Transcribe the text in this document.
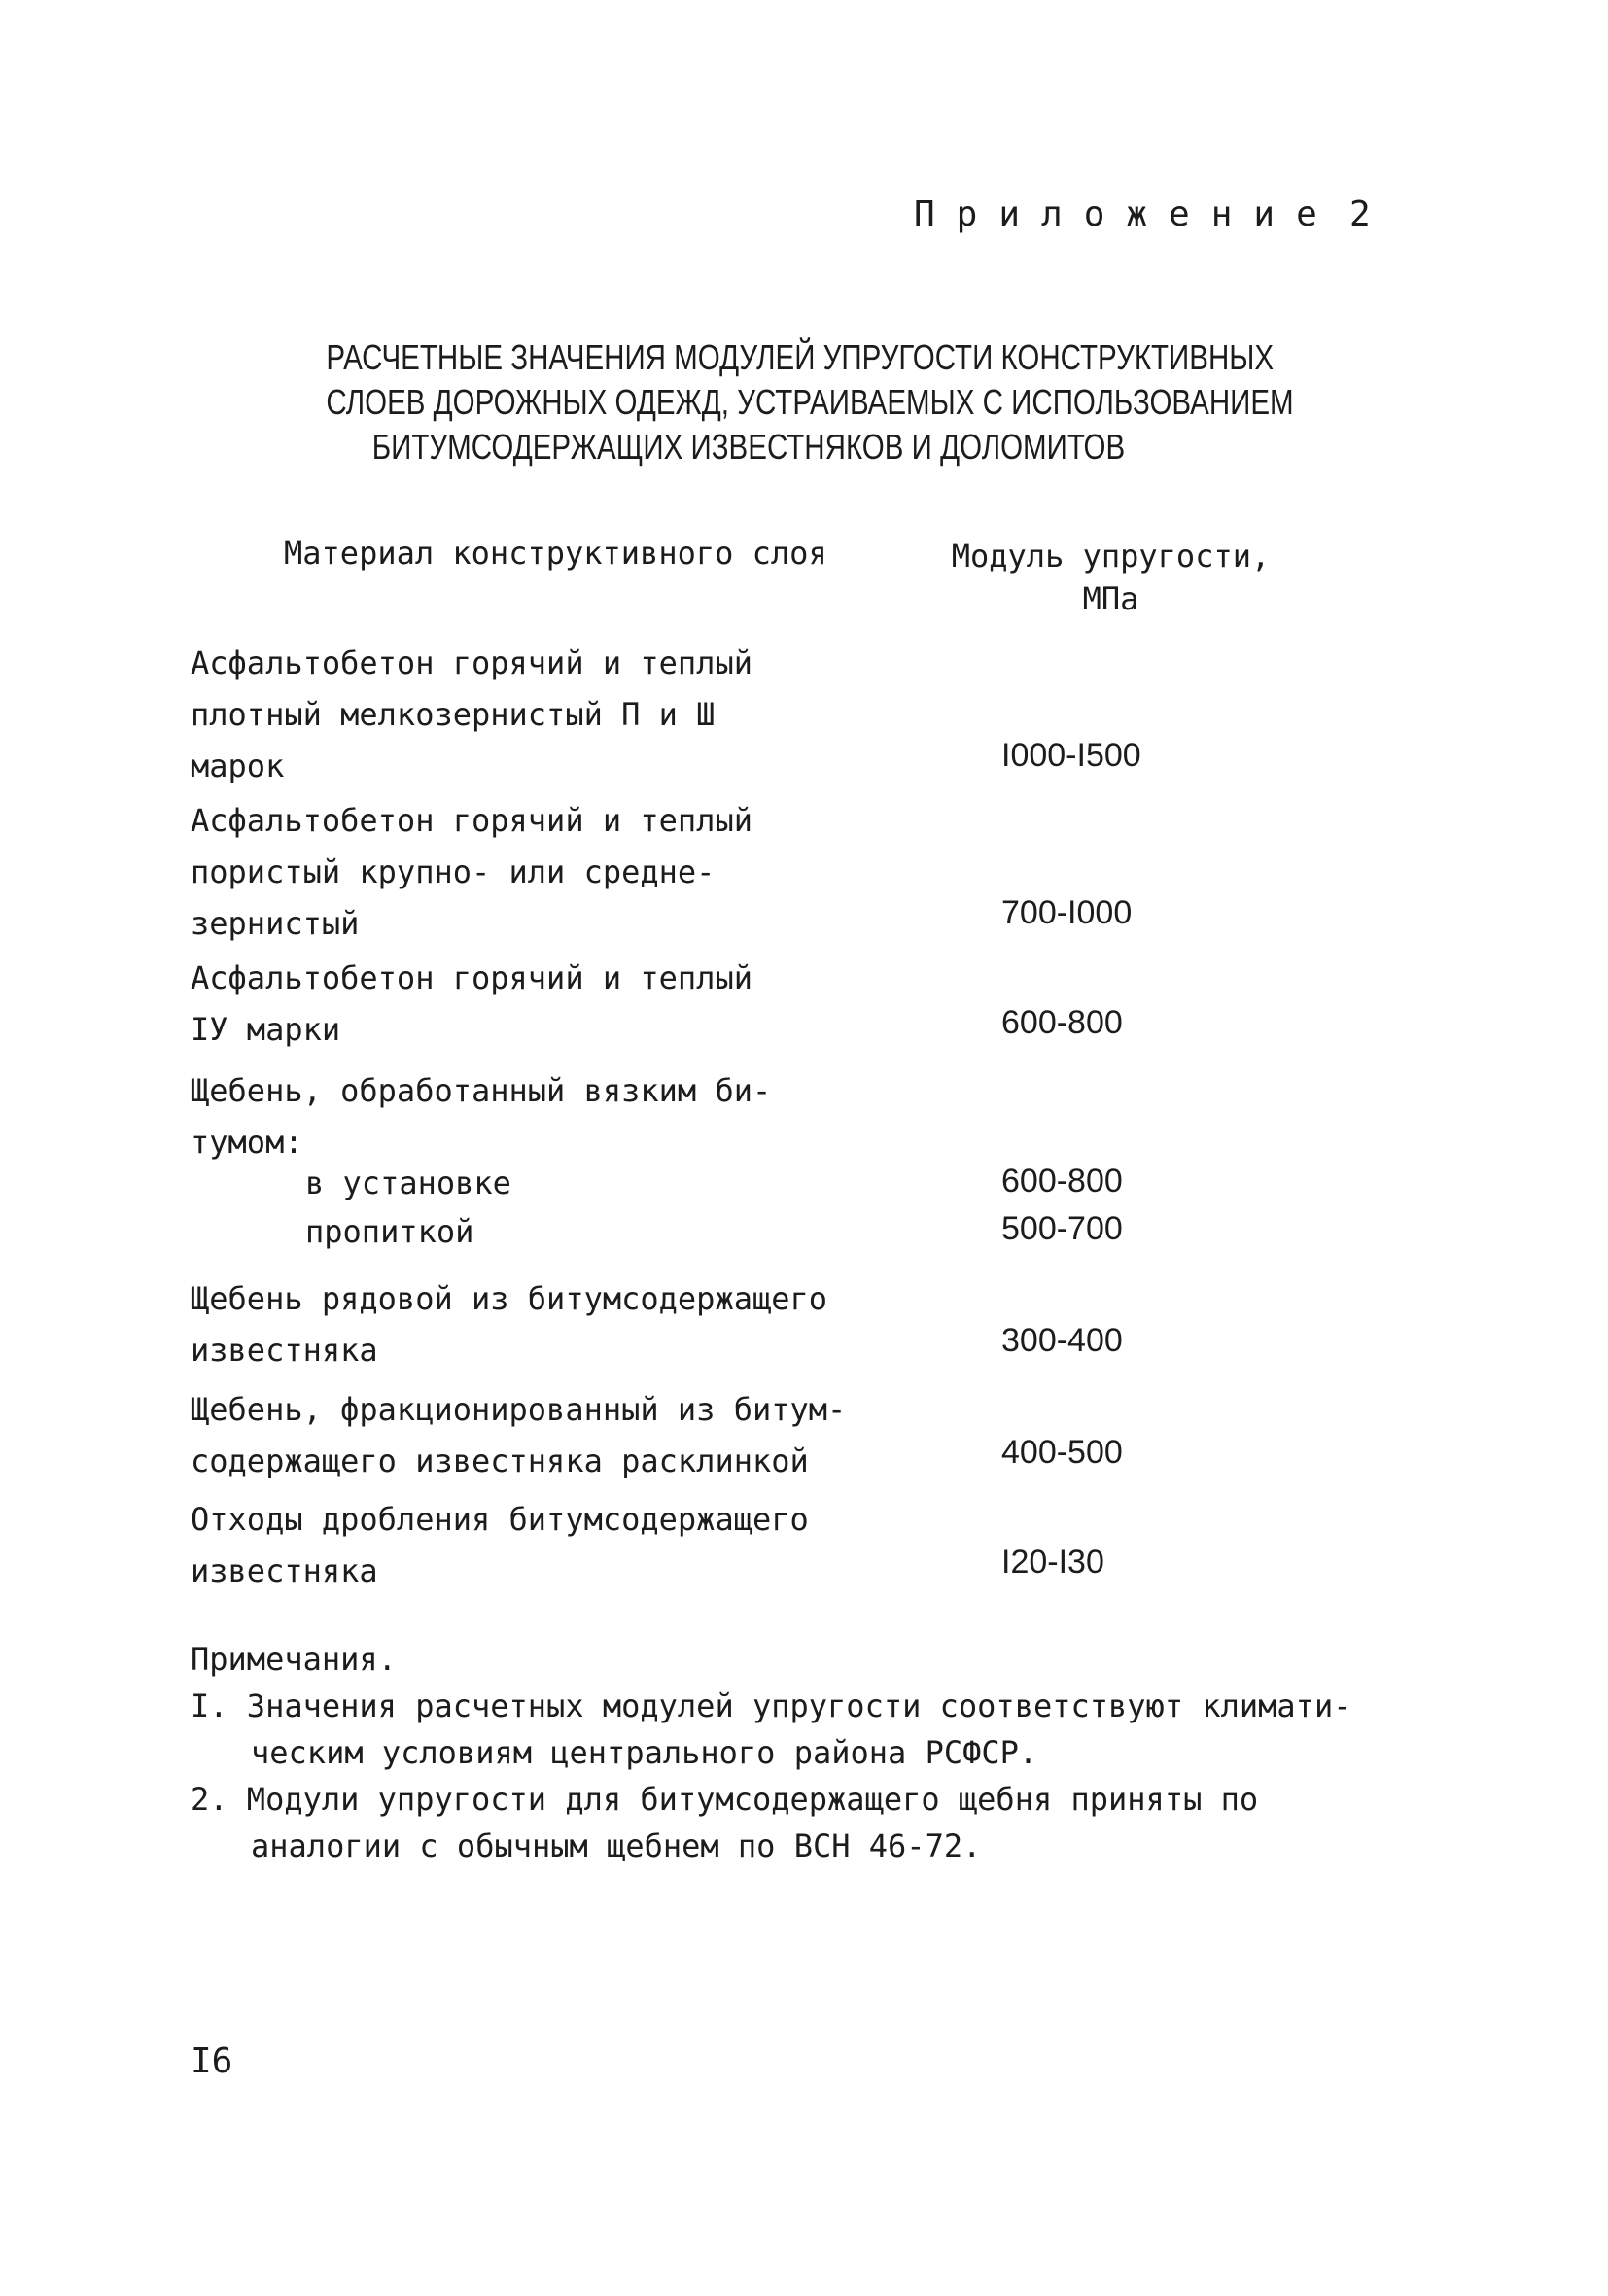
Приложение 2
РАСЧЕТНЫЕ ЗНАЧЕНИЯ МОДУЛЕЙ УПРУГОСТИ КОНСТРУКТИВНЫХ
СЛОЕВ ДОРОЖНЫХ ОДЕЖД, УСТРАИВАЕМЫХ С ИСПОЛЬЗОВАНИЕМ
БИТУМСОДЕРЖАЩИХ ИЗВЕСТНЯКОВ И ДОЛОМИТОВ
Материал конструктивного слоя	Модуль упругости,
МПа
Асфальтобетон горячий и теплый
плотный мелкозернистый П и Ш
марок	I000-I500
Асфальтобетон горячий и теплый
пористый крупно- или средне-
зернистый	700-I000
Асфальтобетон горячий и теплый
IУ марки	600-800
Щебень, обработанный вязким би-
тумом:
в установке	600-800
пропиткой	500-700
Щебень рядовой из битумсодержащего
известняка	300-400
Щебень, фракционированный из битум-
содержащего известняка расклинкой	400-500
Отходы дробления битумсодержащего
известняка	I20-I30
Примечания.
I. Значения расчетных модулей упругости соответствуют климати-
ческим условиям центрального района РСФСР.
2. Модули упругости для битумсодержащего щебня приняты по
аналогии с обычным щебнем по ВСН 46-72.
I6
